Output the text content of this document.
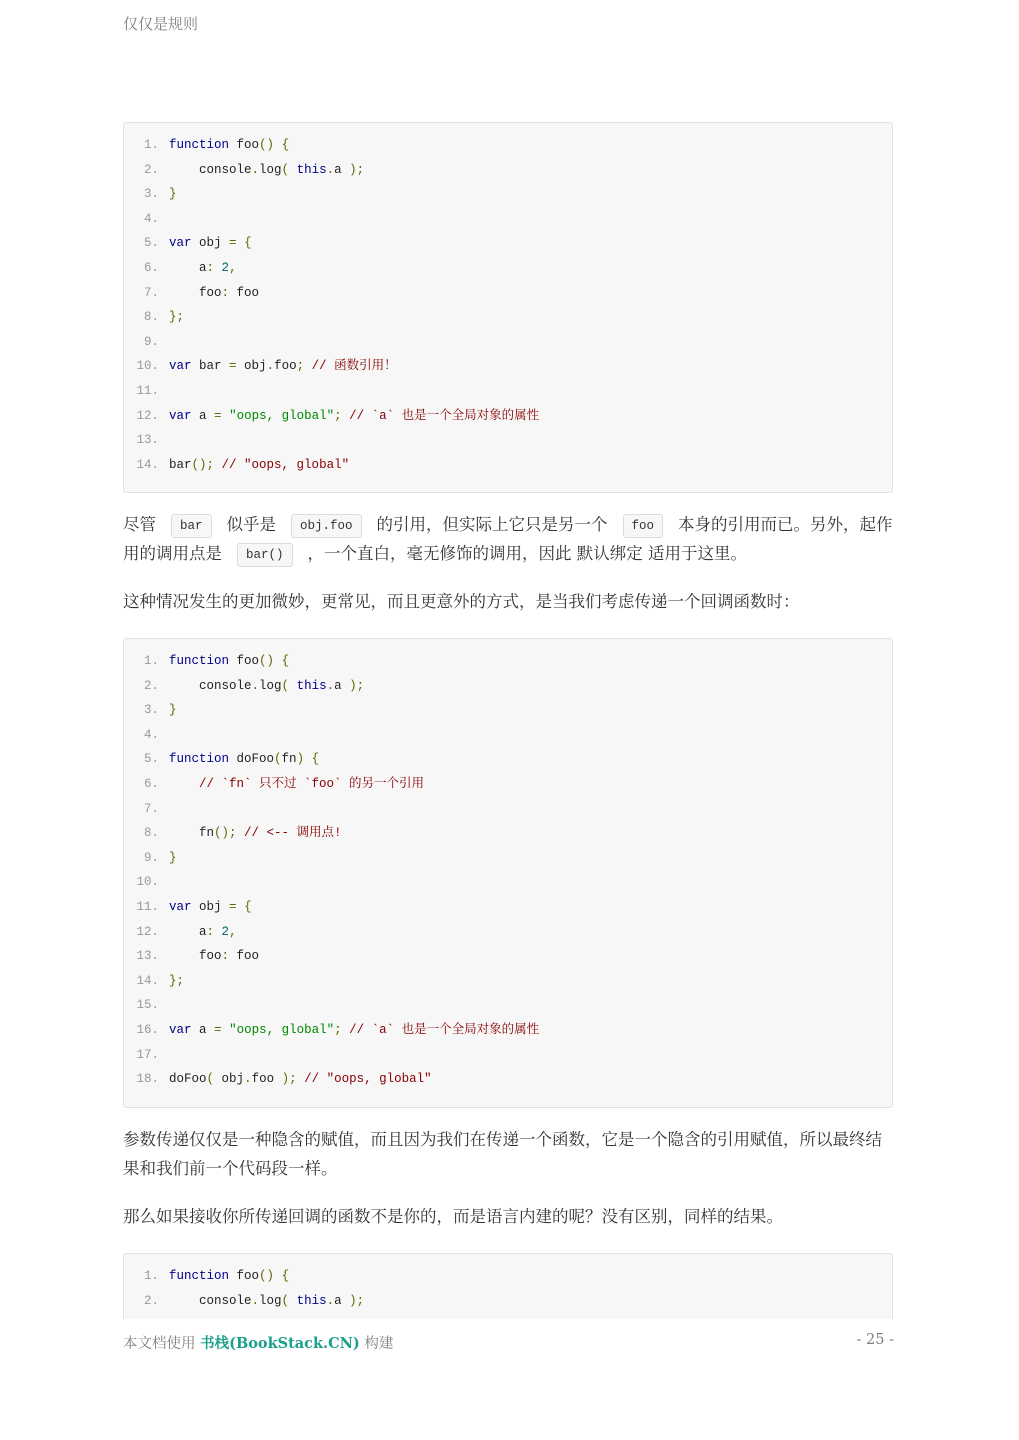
仅仅是规则
1. function foo() {
2. console.log( this.a );
3. }
4.
5. var obj = {
6. a: 2,
7. foo: foo
8. };
9.
10. var bar = obj.foo; // 函数引用！
11.
12. var a = "oops, global"; // `a` 也是一个全局对象的属性
13.
14. bar(); // "oops, global"
尽管 bar 似乎是 obj.foo 的引用，但实际上它只是另一个 foo 本身的引用而已。另外，起作用的调用点是 bar() ，一个直白，毫无修饰的调用，因此 默认绑定 适用于这里。
这种情况发生的更加微妙，更常见，而且更意外的方式，是当我们考虑传递一个回调函数时：
1. function foo() {
2. console.log( this.a );
3. }
4.
5. function doFoo(fn) {
6.	// `fn` 只不过 `foo` 的另一个引用
7.
8. fn(); // <-- 调用点!
9. }
10.
11. var obj = {
12. a: 2,
13. foo: foo
14. };
15.
16. var a = "oops, global"; // `a` 也是一个全局对象的属性
17.
18. doFoo( obj.foo ); // "oops, global"
参数传递仅仅是一种隐含的赋值，而且因为我们在传递一个函数，它是一个隐含的引用赋值，所以最终结果和我们前一个代码段一样。
那么如果接收你所传递回调的函数不是你的，而是语言内建的呢？没有区别，同样的结果。
1. function foo() {
2. console.log( this.a );
本文档使用 书栈(BookStack.CN) 构建	- 25 -
